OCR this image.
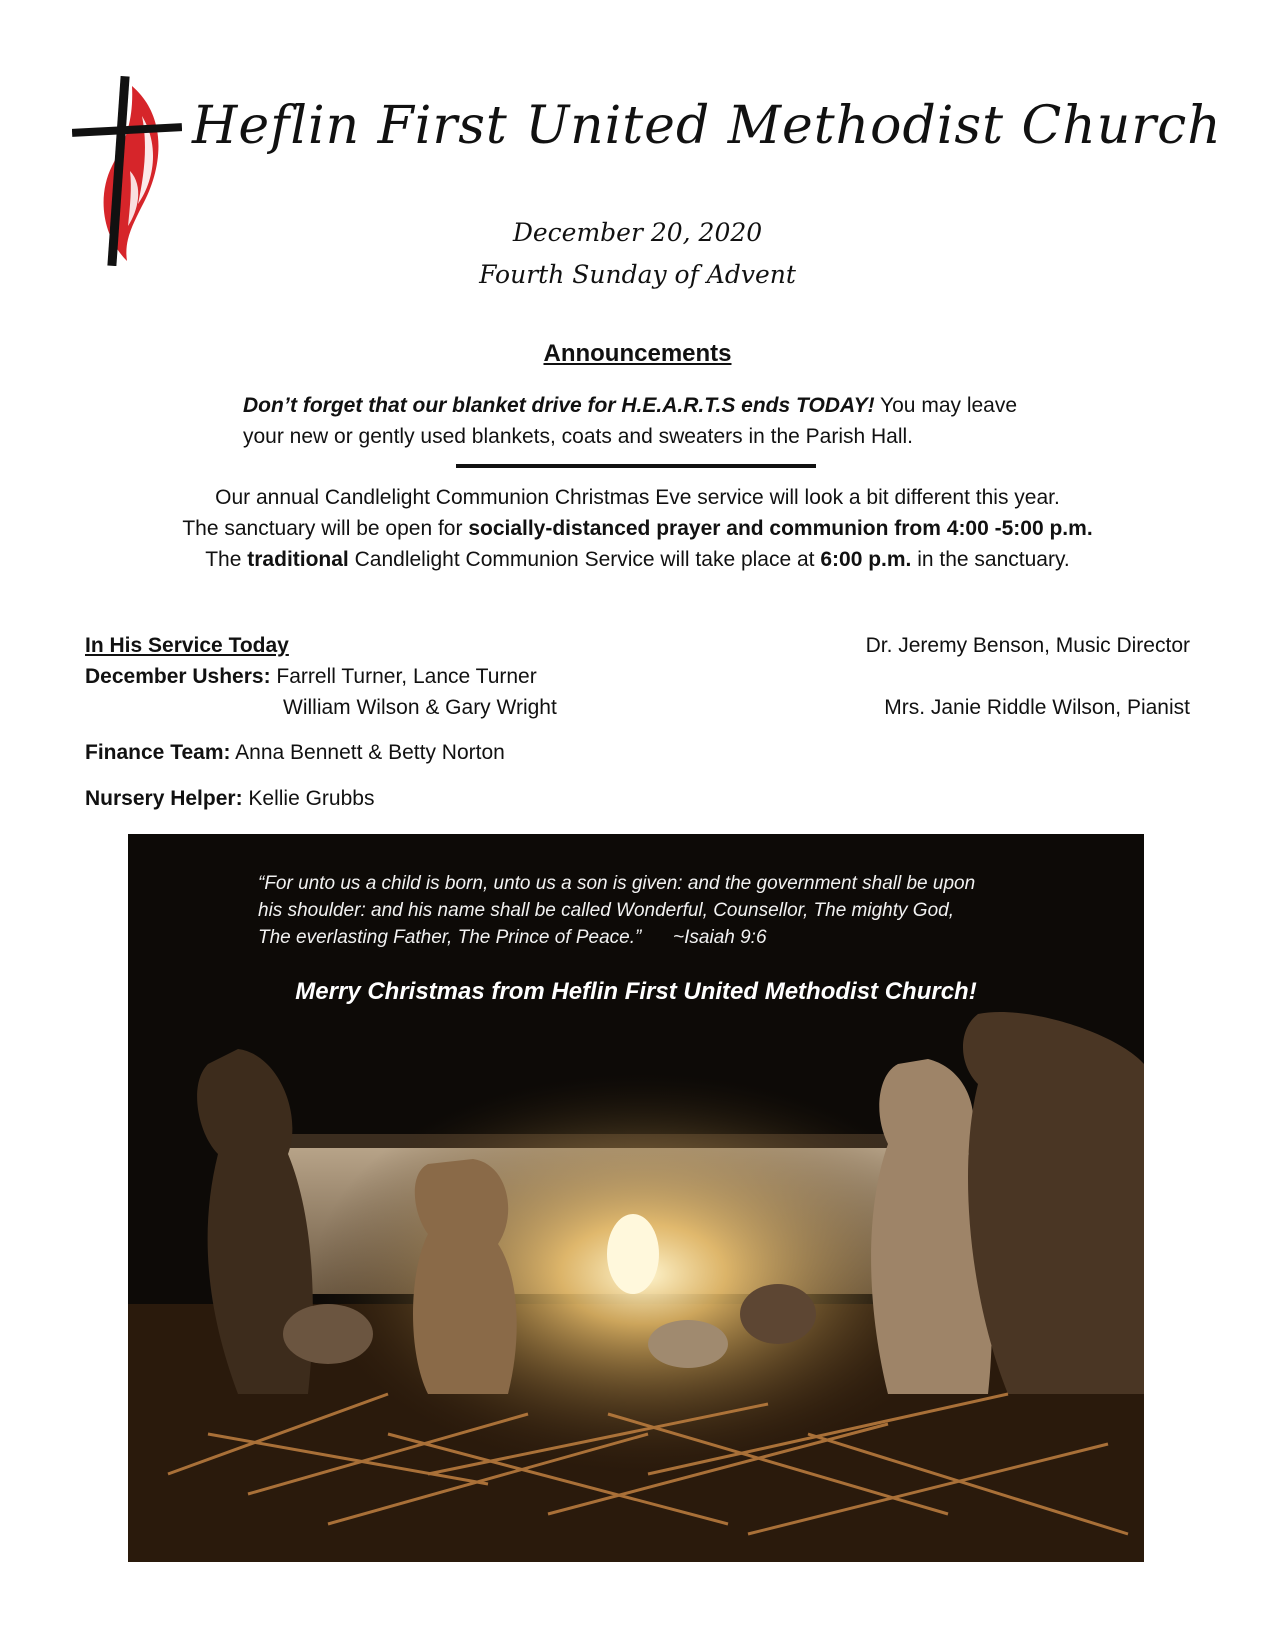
Heflin First United Methodist Church
December 20, 2020
Fourth Sunday of Advent
Announcements
Don’t forget that our blanket drive for H.E.A.R.T.S ends TODAY! You may leave your new or gently used blankets, coats and sweaters in the Parish Hall.
Our annual Candlelight Communion Christmas Eve service will look a bit different this year.
The sanctuary will be open for socially-distanced prayer and communion from 4:00 -5:00 p.m.
The traditional Candlelight Communion Service will take place at 6:00 p.m. in the sanctuary.
In His Service Today
December Ushers: Farrell Turner, Lance Turner
William Wilson & Gary Wright
Finance Team: Anna Bennett & Betty Norton
Nursery Helper: Kellie Grubbs
Dr. Jeremy Benson, Music Director
Mrs. Janie Riddle Wilson, Pianist
“For unto us a child is born, unto us a son is given: and the government shall be upon
his shoulder: and his name shall be called Wonderful, Counsellor, The mighty God,
The everlasting Father, The Prince of Peace.”      ~Isaiah 9:6
Merry Christmas from Heflin First United Methodist Church!
